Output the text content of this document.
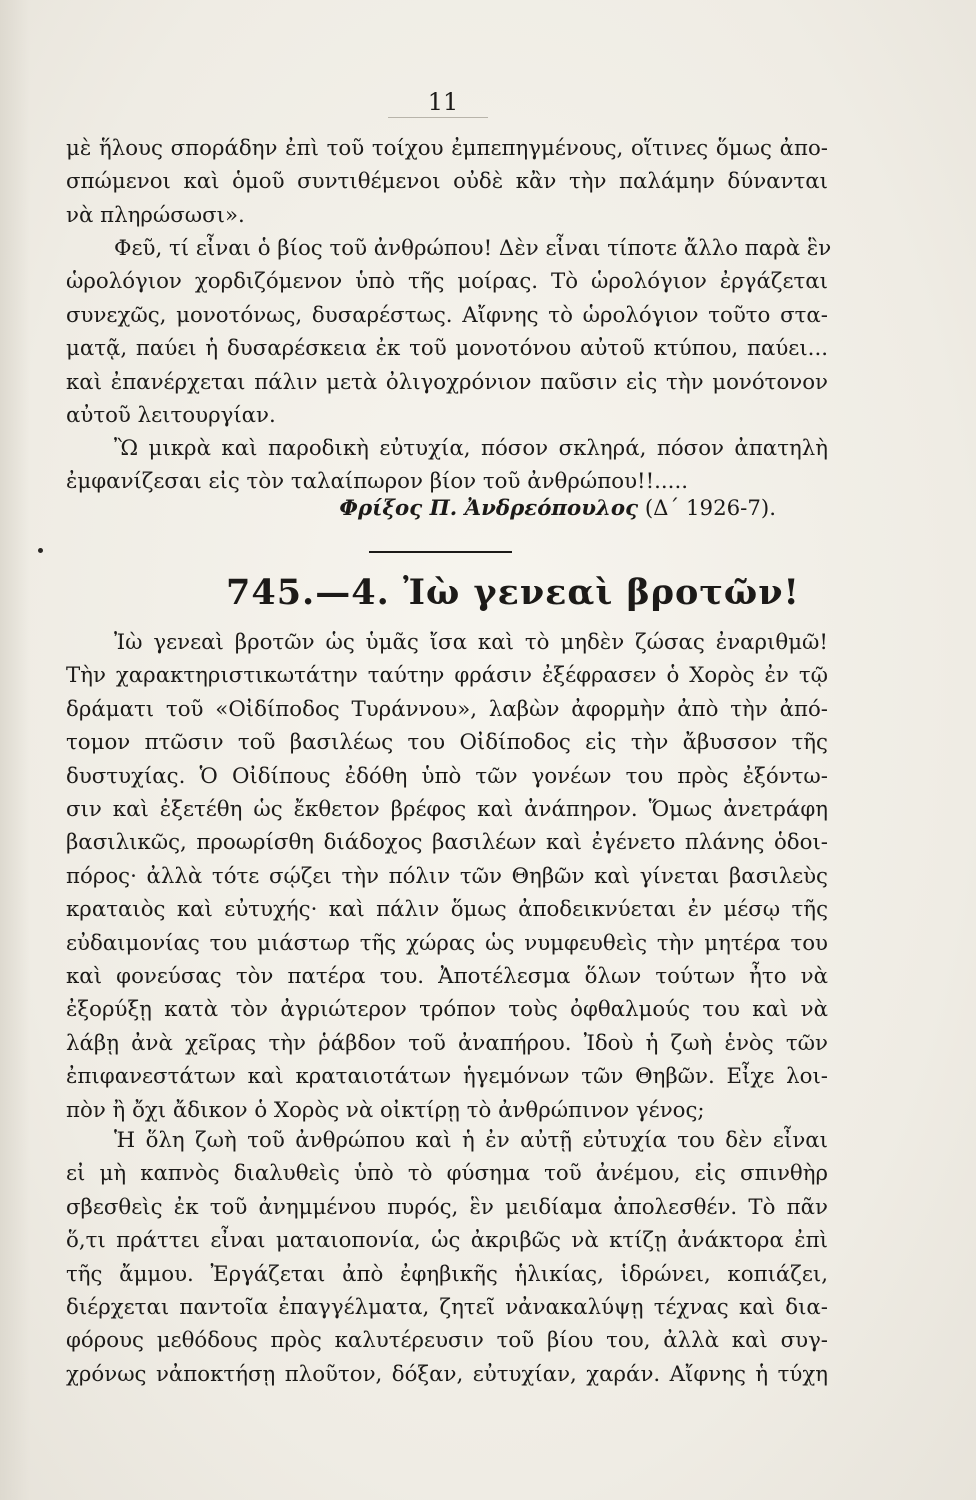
11
μὲ ἥλους σποράδην ἐπὶ τοῦ τοίχου ἐμπεπηγμένους, οἵτινες ὅμως ἀπο-
σπώμενοι καὶ ὁμοῦ συντιθέμενοι οὐδὲ κἂν τὴν παλάμην δύνανται
νὰ πληρώσωσι».
Φεῦ, τί εἶναι ὁ βίος τοῦ ἀνθρώπου! Δὲν εἶναι τίποτε ἄλλο παρὰ ἓν
ὡρολόγιον χορδιζόμενον ὑπὸ τῆς μοίρας. Τὸ ὡρολόγιον ἐργάζεται
συνεχῶς, μονοτόνως, δυσαρέστως. Αἴφνης τὸ ὡρολόγιον τοῦτο στα-
ματᾷ, παύει ἡ δυσαρέσκεια ἐκ τοῦ μονοτόνου αὐτοῦ κτύπου, παύει...
καὶ ἐπανέρχεται πάλιν μετὰ ὀλιγοχρόνιον παῦσιν εἰς τὴν μονότονον
αὐτοῦ λειτουργίαν.
Ὢ μικρὰ καὶ παροδικὴ εὐτυχία, πόσον σκληρά, πόσον ἀπατηλὴ
ἐμφανίζεσαι εἰς τὸν ταλαίπωρον βίον τοῦ ἀνθρώπου!!.....
Φρίξος Π. Ἀνδρεόπουλος (Δ΄ 1926-7).
745.—4. Ἰὼ γενεαὶ βροτῶν!
Ἰὼ γενεαὶ βροτῶν ὡς ὑμᾶς ἴσα καὶ τὸ μηδὲν ζώσας ἐναριθμῶ!
Τὴν χαρακτηριστικωτάτην ταύτην φράσιν ἐξέφρασεν ὁ Χορὸς ἐν τῷ
δράματι τοῦ «Οἰδίποδος Τυράννου», λαβὼν ἀφορμὴν ἀπὸ τὴν ἀπό-
τομον πτῶσιν τοῦ βασιλέως του Οἰδίποδος εἰς τὴν ἄβυσσον τῆς
δυστυχίας. Ὁ Οἰδίπους ἐδόθη ὑπὸ τῶν γονέων του πρὸς ἐξόντω-
σιν καὶ ἐξετέθη ὡς ἔκθετον βρέφος καὶ ἀνάπηρον. Ὅμως ἀνετράφη
βασιλικῶς, προωρίσθη διάδοχος βασιλέων καὶ ἐγένετο πλάνης ὁδοι-
πόρος· ἀλλὰ τότε σῴζει τὴν πόλιν τῶν Θηβῶν καὶ γίνεται βασιλεὺς
κραταιὸς καὶ εὐτυχής· καὶ πάλιν ὅμως ἀποδεικνύεται ἐν μέσῳ τῆς
εὐδαιμονίας του μιάστωρ τῆς χώρας ὡς νυμφευθεὶς τὴν μητέρα του
καὶ φονεύσας τὸν πατέρα του. Ἀποτέλεσμα ὅλων τούτων ἦτο νὰ
ἐξορύξῃ κατὰ τὸν ἀγριώτερον τρόπον τοὺς ὀφθαλμούς του καὶ νὰ
λάβῃ ἀνὰ χεῖρας τὴν ῥάβδον τοῦ ἀναπήρου. Ἰδοὺ ἡ ζωὴ ἑνὸς τῶν
ἐπιφανεστάτων καὶ κραταιοτάτων ἡγεμόνων τῶν Θηβῶν. Εἶχε λοι-
πὸν ἢ ὄχι ἄδικον ὁ Χορὸς νὰ οἰκτίρῃ τὸ ἀνθρώπινον γένος;
Ἡ ὅλη ζωὴ τοῦ ἀνθρώπου καὶ ἡ ἐν αὐτῇ εὐτυχία του δὲν εἶναι
εἰ μὴ καπνὸς διαλυθεὶς ὑπὸ τὸ φύσημα τοῦ ἀνέμου, εἰς σπινθὴρ
σβεσθεὶς ἐκ τοῦ ἀνημμένου πυρός, ἓν μειδίαμα ἀπολεσθέν. Τὸ πᾶν
ὅ,τι πράττει εἶναι ματαιοπονία, ὡς ἀκριβῶς νὰ κτίζῃ ἀνάκτορα ἐπὶ
τῆς ἄμμου. Ἐργάζεται ἀπὸ ἐφηβικῆς ἡλικίας, ἱδρώνει, κοπιάζει,
διέρχεται παντοῖα ἐπαγγέλματα, ζητεῖ νἀνακαλύψῃ τέχνας καὶ δια-
φόρους μεθόδους πρὸς καλυτέρευσιν τοῦ βίου του, ἀλλὰ καὶ συγ-
χρόνως νἀποκτήσῃ πλοῦτον, δόξαν, εὐτυχίαν, χαράν. Αἴφνης ἡ τύχη
